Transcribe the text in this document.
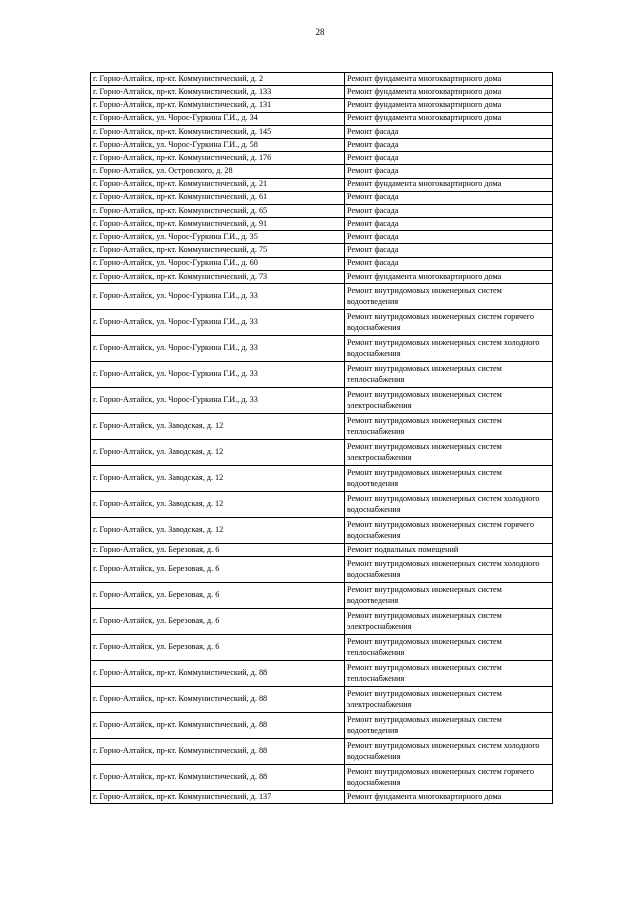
28
г. Горно-Алтайск, пр-кт. Коммунистический, д. 2	Ремонт фундамента многоквартирного дома
г. Горно-Алтайск, пр-кт. Коммунистический, д. 133	Ремонт фундамента многоквартирного дома
г. Горно-Алтайск, пр-кт. Коммунистический, д. 131	Ремонт фундамента многоквартирного дома
г. Горно-Алтайск, ул. Чорос-Гуркина Г.И., д. 34	Ремонт фундамента многоквартирного дома
г. Горно-Алтайск, пр-кт. Коммунистический, д. 145	Ремонт фасада
г. Горно-Алтайск, ул. Чорос-Гуркина Г.И., д. 58	Ремонт фасада
г. Горно-Алтайск, пр-кт. Коммунистический, д. 176	Ремонт фасада
г. Горно-Алтайск, ул. Островского, д. 28	Ремонт фасада
г. Горно-Алтайск, пр-кт. Коммунистический, д. 21	Ремонт фундамента многоквартирного дома
г. Горно-Алтайск, пр-кт. Коммунистический, д. 61	Ремонт фасада
г. Горно-Алтайск, пр-кт. Коммунистический, д. 65	Ремонт фасада
г. Горно-Алтайск, пр-кт. Коммунистический, д. 91	Ремонт фасада
г. Горно-Алтайск, ул. Чорос-Гуркина Г.И., д. 35	Ремонт фасада
г. Горно-Алтайск, пр-кт. Коммунистический, д. 75	Ремонт фасада
г. Горно-Алтайск, ул. Чорос-Гуркина Г.И., д. 60	Ремонт фасада
г. Горно-Алтайск, пр-кт. Коммунистический, д. 73	Ремонт фундамента многоквартирного дома
г. Горно-Алтайск, ул. Чорос-Гуркина Г.И., д. 33	Ремонт внутридомовых инженерных систем водоотведения
г. Горно-Алтайск, ул. Чорос-Гуркина Г.И., д. 33	Ремонт внутридомовых инженерных систем горячего водоснабжения
г. Горно-Алтайск, ул. Чорос-Гуркина Г.И., д. 33	Ремонт внутридомовых инженерных систем холодного водоснабжения
г. Горно-Алтайск, ул. Чорос-Гуркина Г.И., д. 33	Ремонт внутридомовых инженерных систем теплоснабжения
г. Горно-Алтайск, ул. Чорос-Гуркина Г.И., д. 33	Ремонт внутридомовых инженерных систем электроснабжения
г. Горно-Алтайск, ул. Заводская, д. 12	Ремонт внутридомовых инженерных систем теплоснабжения
г. Горно-Алтайск, ул. Заводская, д. 12	Ремонт внутридомовых инженерных систем электроснабжения
г. Горно-Алтайск, ул. Заводская, д. 12	Ремонт внутридомовых инженерных систем водоотведения
г. Горно-Алтайск, ул. Заводская, д. 12	Ремонт внутридомовых инженерных систем холодного водоснабжения
г. Горно-Алтайск, ул. Заводская, д. 12	Ремонт внутридомовых инженерных систем горячего водоснабжения
г. Горно-Алтайск, ул. Березовая, д. 6	Ремонт подвальных помещений
г. Горно-Алтайск, ул. Березовая, д. 6	Ремонт внутридомовых инженерных систем холодного водоснабжения
г. Горно-Алтайск, ул. Березовая, д. 6	Ремонт внутридомовых инженерных систем водоотведения
г. Горно-Алтайск, ул. Березовая, д. 6	Ремонт внутридомовых инженерных систем электроснабжения
г. Горно-Алтайск, ул. Березовая, д. 6	Ремонт внутридомовых инженерных систем теплоснабжения
г. Горно-Алтайск, пр-кт. Коммунистический, д. 88	Ремонт внутридомовых инженерных систем теплоснабжения
г. Горно-Алтайск, пр-кт. Коммунистический, д. 88	Ремонт внутридомовых инженерных систем электроснабжения
г. Горно-Алтайск, пр-кт. Коммунистический, д. 88	Ремонт внутридомовых инженерных систем водоотведения
г. Горно-Алтайск, пр-кт. Коммунистический, д. 88	Ремонт внутридомовых инженерных систем холодного водоснабжения
г. Горно-Алтайск, пр-кт. Коммунистический, д. 88	Ремонт внутридомовых инженерных систем горячего водоснабжения
г. Горно-Алтайск, пр-кт. Коммунистический, д. 137	Ремонт фундамента многоквартирного дома
